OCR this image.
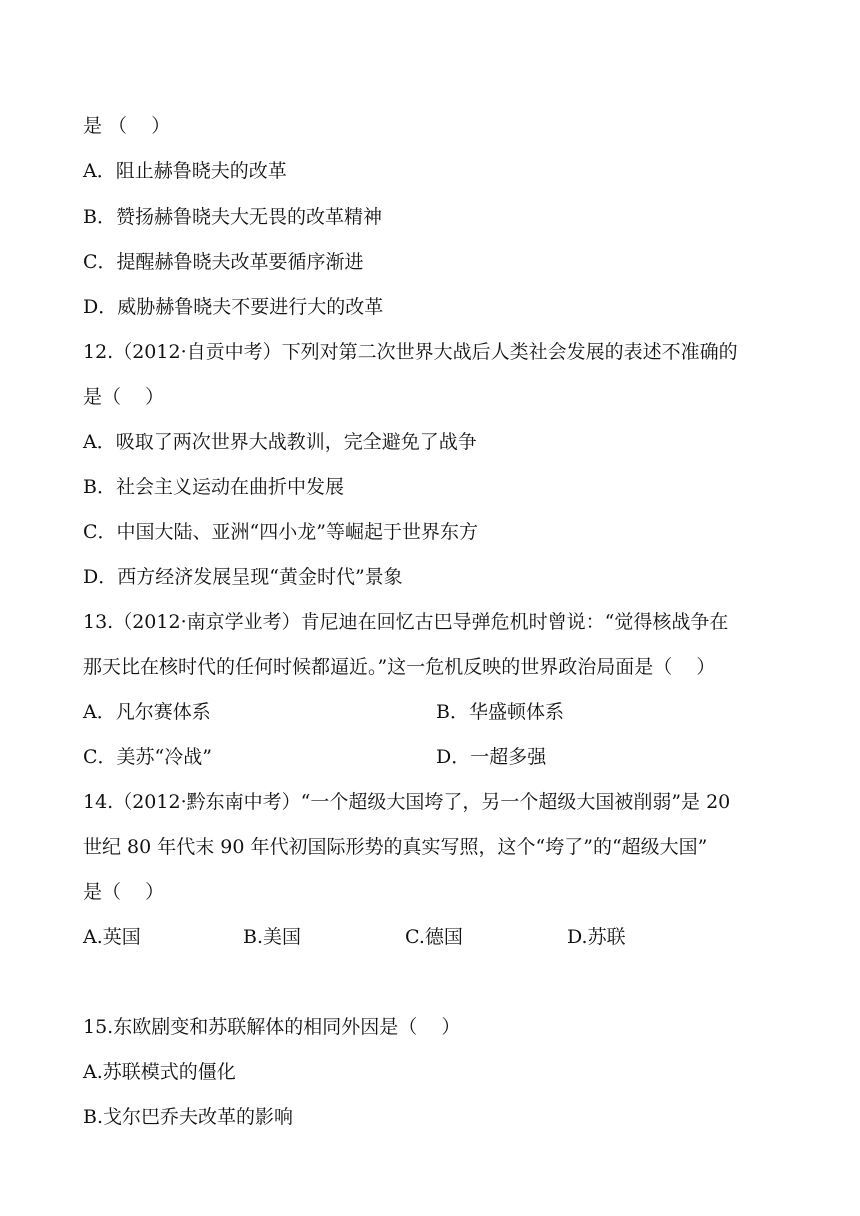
是 （    ）
A．阻止赫鲁晓夫的改革
B．赞扬赫鲁晓夫大无畏的改革精神
C．提醒赫鲁晓夫改革要循序渐进
D．威胁赫鲁晓夫不要进行大的改革
12.（2012·自贡中考）下列对第二次世界大战后人类社会发展的表述不准确的
是（    ）
A．吸取了两次世界大战教训，完全避免了战争
B．社会主义运动在曲折中发展
C．中国大陆、亚洲“四小龙”等崛起于世界东方
D．西方经济发展呈现“黄金时代”景象
13.（2012·南京学业考）肯尼迪在回忆古巴导弹危机时曾说：“觉得核战争在
那天比在核时代的任何时候都逼近。”这一危机反映的世界政治局面是（    ）
A．凡尔赛体系	B．华盛顿体系
C．美苏“冷战”	D．一超多强
14.（2012·黔东南中考）“一个超级大国垮了，另一个超级大国被削弱”是 20
世纪 80 年代末 90 年代初国际形势的真实写照，这个“垮了”的“超级大国”
是（    ）
A.英国	B.美国	C.德国	D.苏联
15.东欧剧变和苏联解体的相同外因是（    ）
A.苏联模式的僵化
B.戈尔巴乔夫改革的影响
